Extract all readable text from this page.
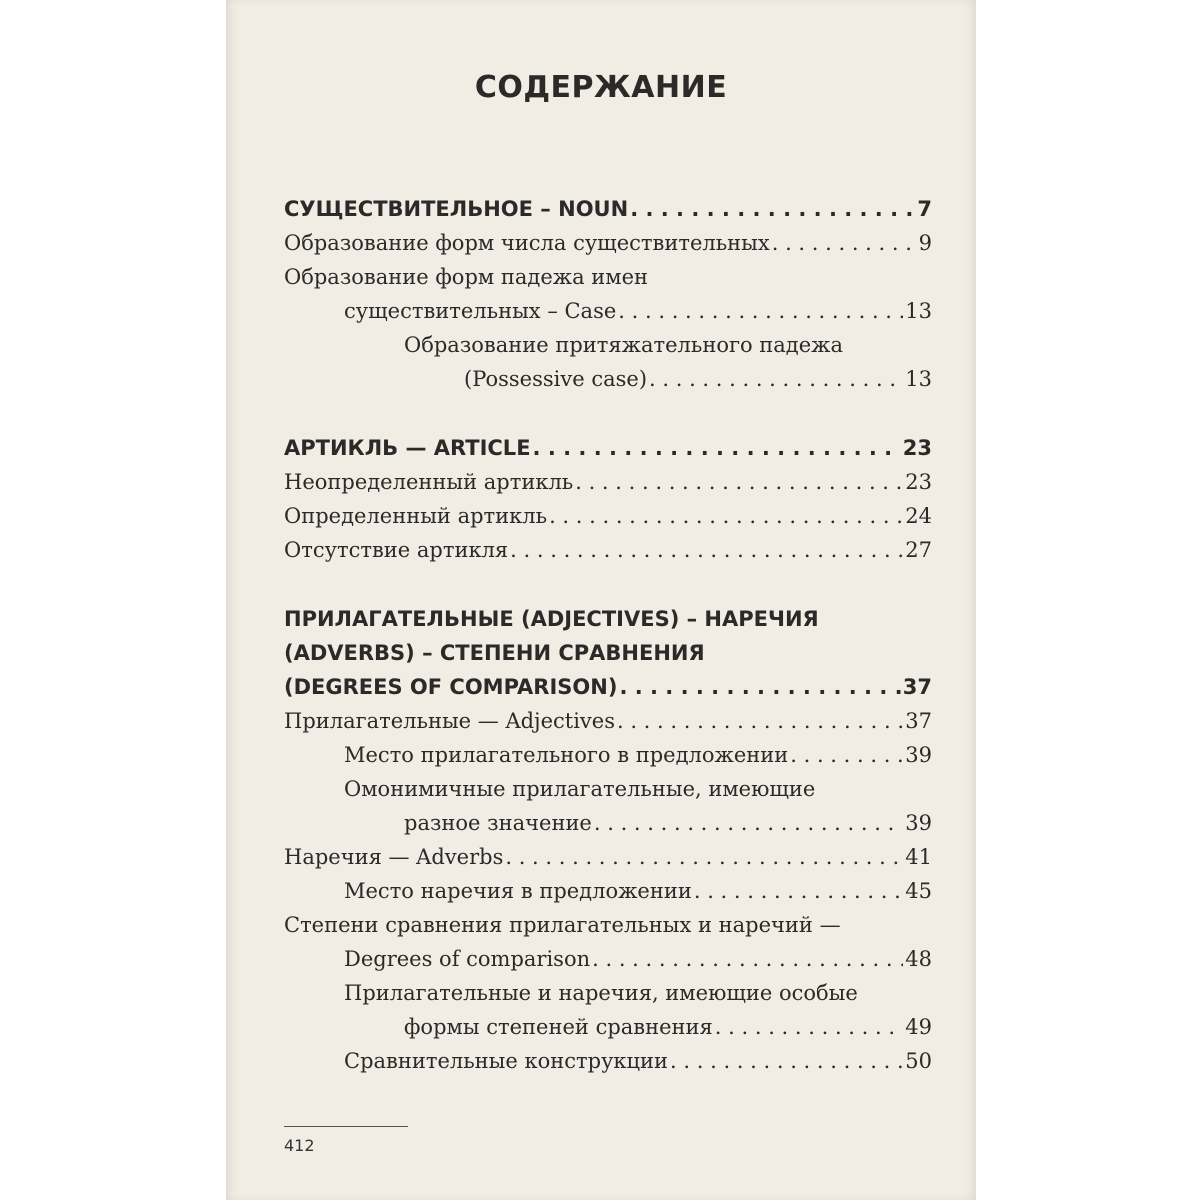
СОДЕРЖАНИЕ
СУЩЕСТВИТЕЛЬНОЕ – NOUN . . .	7
Образование форм числа существительных . . .	9
Образование форм падежа имен
существительных – Case . . .	13
Образование притяжательного падежа
(Possessive case) . . .	13
АРТИКЛЬ — ARTICLE . . .	23
Неопределенный артикль . . .	23
Определенный артикль . . .	24
Отсутствие артикля . . .	27
ПРИЛАГАТЕЛЬНЫЕ (ADJECTIVES) – НАРЕЧИЯ
(ADVERBS) – СТЕПЕНИ СРАВНЕНИЯ
(DEGREES OF COMPARISON) . . .	37
Прилагательные — Adjectives . . .	37
Место прилагательного в предложении . . .	39
Омонимичные прилагательные, имеющие
разное значение . . .	39
Наречия — Adverbs . . .	41
Место наречия в предложении . . .	45
Степени сравнения прилагательных и наречий —
Degrees of comparison . . .	48
Прилагательные и наречия, имеющие особые
формы степеней сравнения . . .	49
Сравнительные конструкции . . .	50
412
